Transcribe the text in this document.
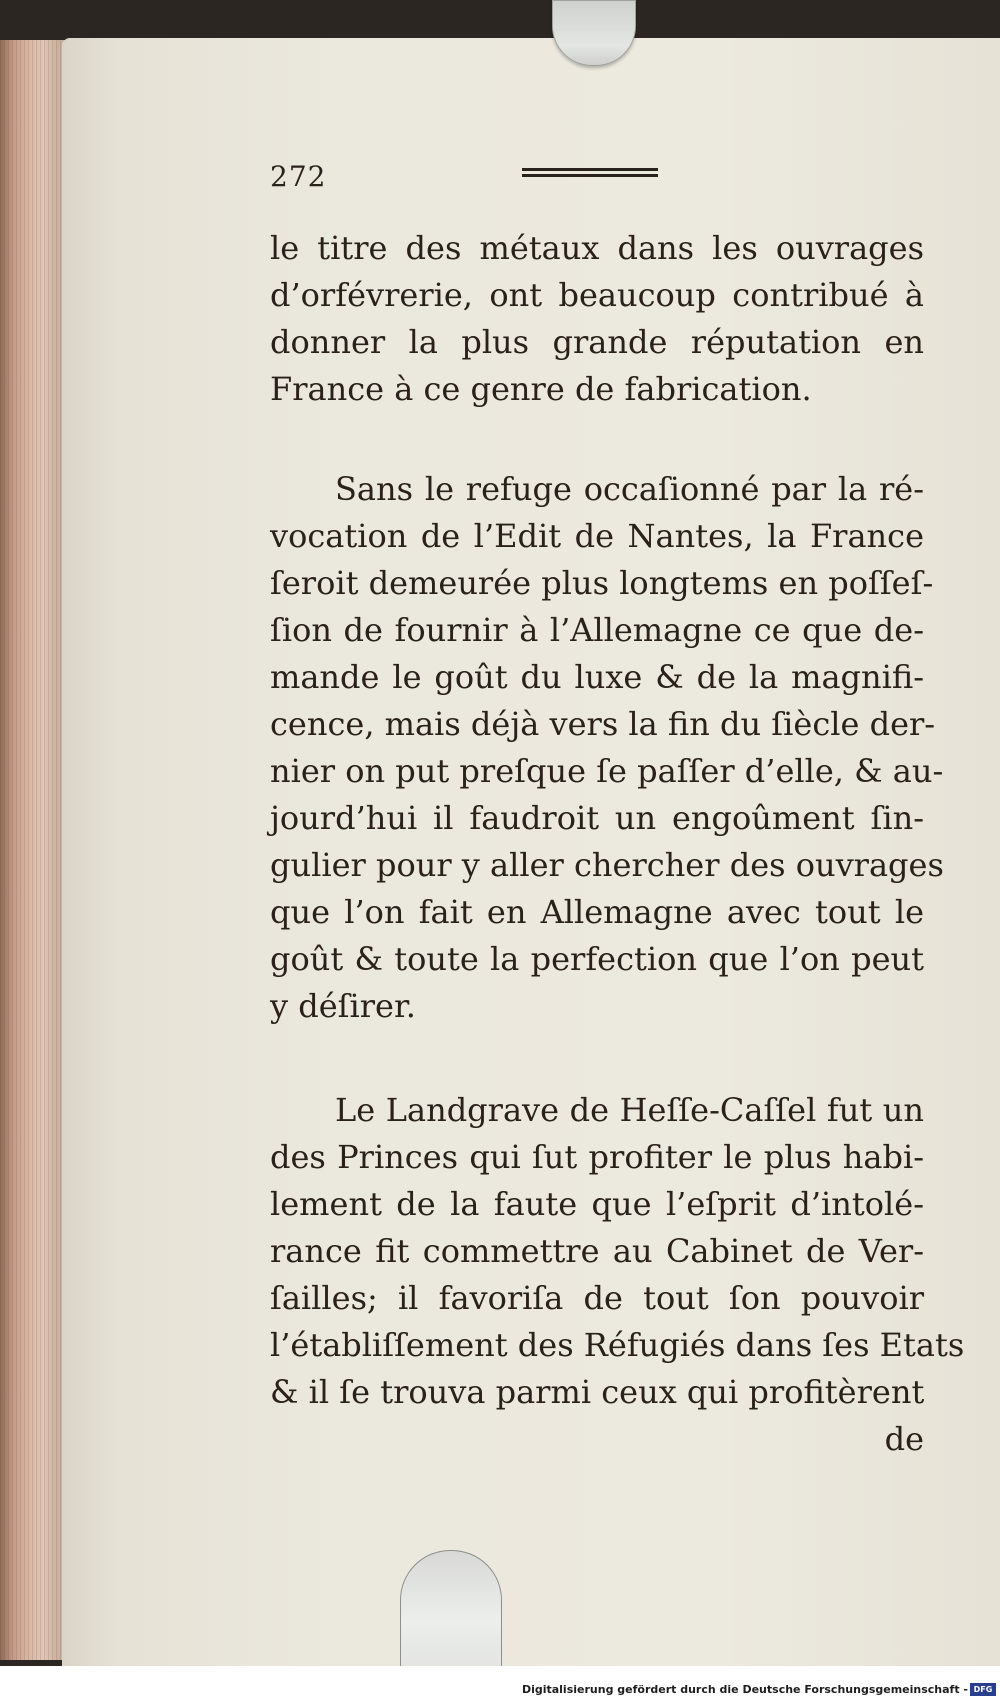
272
le titre des métaux dans les ouvrages
d’orfévrerie, ont beaucoup contribué à
donner la plus grande réputation en
France à ce genre de fabrication.
Sans le refuge occaſionné par la ré-
vocation de l’Edit de Nantes, la France
ſeroit demeurée plus longtems en poſſeſ-
ſion de fournir à l’Allemagne ce que de-
mande le goût du luxe & de la magnifi-
cence, mais déjà vers la fin du ſiècle der-
nier on put preſque ſe paſſer d’elle, & au-
jourd’hui il faudroit un engoûment ſin-
gulier pour y aller chercher des ouvrages
que l’on fait en Allemagne avec tout le
goût & toute la perfection que l’on peut
y déſirer.
Le Landgrave de Heſſe-Caſſel fut un
des Princes qui ſut profiter le plus habi-
lement de la faute que l’eſprit d’intolé-
rance fit commettre au Cabinet de Ver-
ſailles; il favoriſa de tout ſon pouvoir
l’établiſſement des Réfugiés dans ſes Etats
& il ſe trouva parmi ceux qui profitèrent
de
Digitalisierung gefördert durch die Deutsche Forschungsgemeinschaft - DFG
